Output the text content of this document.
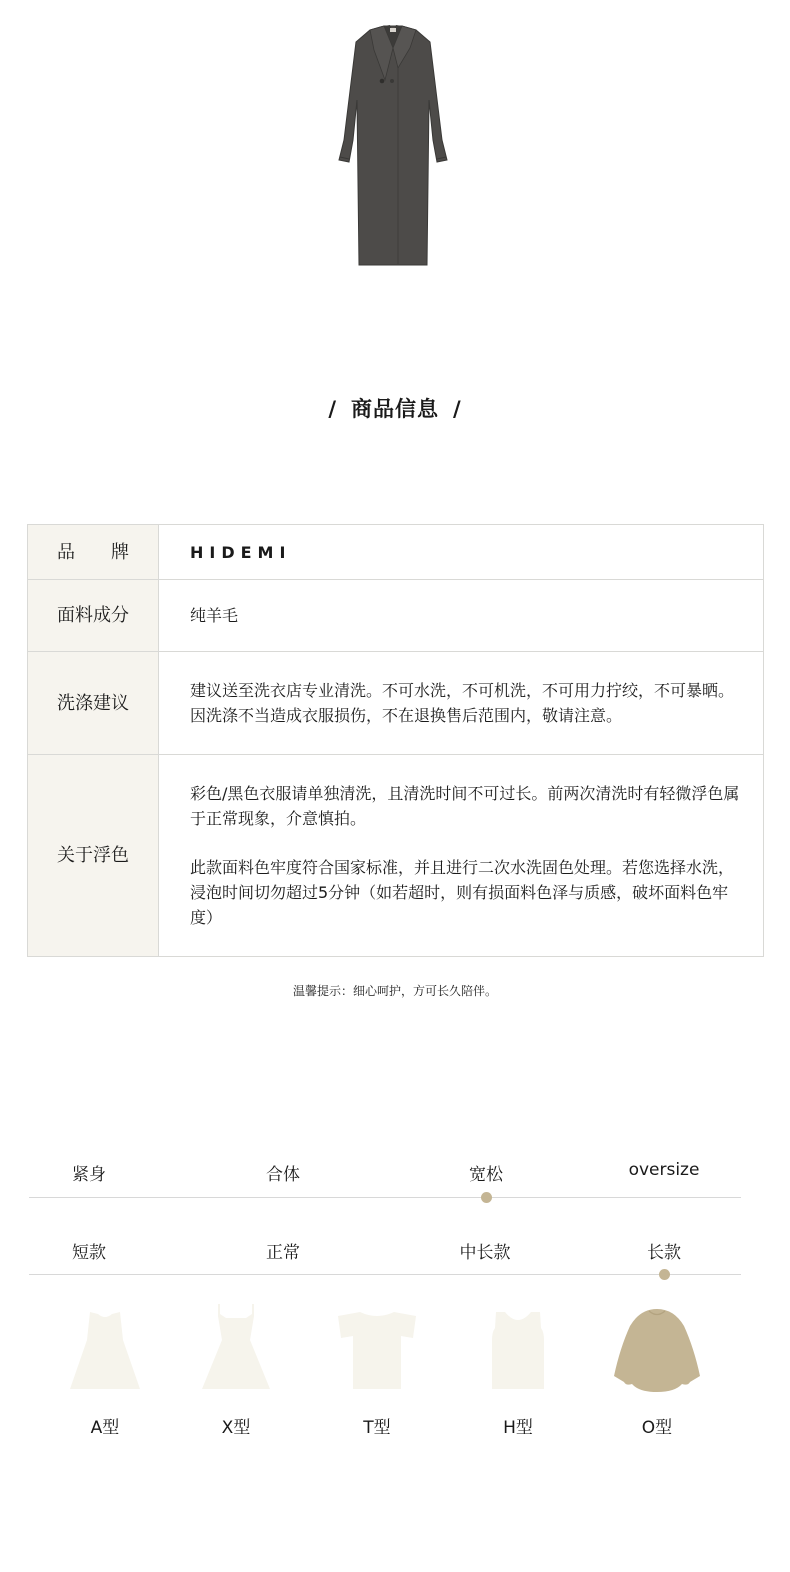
/ 商品信息 /
品　　牌	HIDEMI
面料成分	纯羊毛
洗涤建议	建议送至洗衣店专业清洗。不可水洗，不可机洗，不可用力拧绞，不可暴晒。因洗涤不当造成衣服损伤，不在退换售后范围内，敬请注意。
关于浮色	彩色/黑色衣服请单独清洗，且清洗时间不可过长。前两次清洗时有轻微浮色属于正常现象，介意慎拍。

此款面料色牢度符合国家标准，并且进行二次水洗固色处理。若您选择水洗，浸泡时间切勿超过5分钟（如若超时，则有损面料色泽与质感，破坏面料色牢度）

温馨提示：细心呵护，方可长久陪伴。
紧身	合体	宽松	oversize
短款	正常	中长款	长款
A型	X型	T型	H型	O型
